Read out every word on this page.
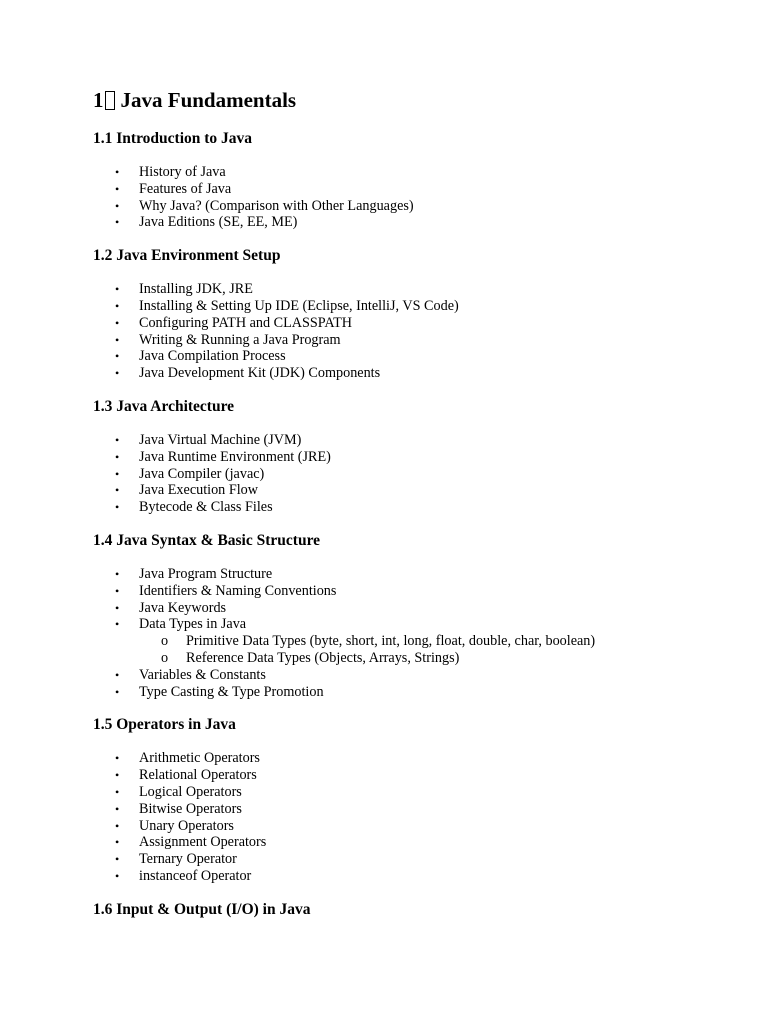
1 Java Fundamentals
1.1 Introduction to Java
• History of Java
• Features of Java
• Why Java? (Comparison with Other Languages)
• Java Editions (SE, EE, ME)
1.2 Java Environment Setup
• Installing JDK, JRE
• Installing & Setting Up IDE (Eclipse, IntelliJ, VS Code)
• Configuring PATH and CLASSPATH
• Writing & Running a Java Program
• Java Compilation Process
• Java Development Kit (JDK) Components
1.3 Java Architecture
• Java Virtual Machine (JVM)
• Java Runtime Environment (JRE)
• Java Compiler (javac)
• Java Execution Flow
• Bytecode & Class Files
1.4 Java Syntax & Basic Structure
• Java Program Structure
• Identifiers & Naming Conventions
• Java Keywords
• Data Types in Java
o Primitive Data Types (byte, short, int, long, float, double, char, boolean)
o Reference Data Types (Objects, Arrays, Strings)
• Variables & Constants
• Type Casting & Type Promotion
1.5 Operators in Java
• Arithmetic Operators
• Relational Operators
• Logical Operators
• Bitwise Operators
• Unary Operators
• Assignment Operators
• Ternary Operator
• instanceof Operator
1.6 Input & Output (I/O) in Java
